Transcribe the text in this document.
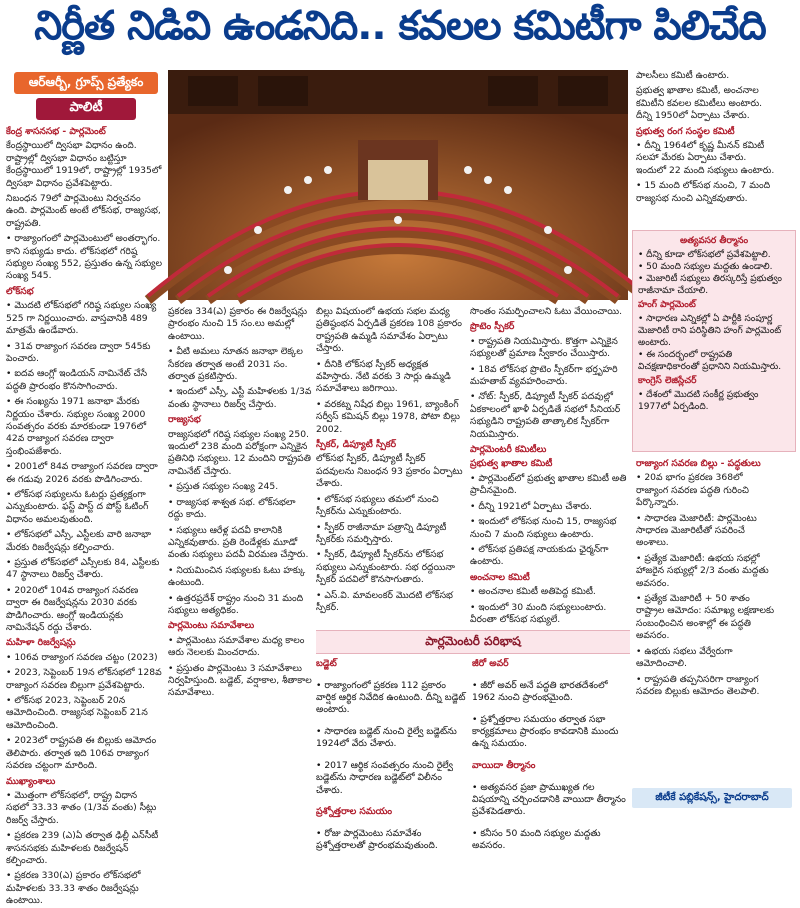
నిర్ణీత నిడివి ఉండనిది.. కవలల కమిటీగా పిలిచేది
ఆర్ఆర్బీ, గ్రూప్స్ ప్రత్యేకం
పాలిటీ
కేంద్ర శాసనసభ - పార్లమెంట్

కేంద్రస్థాయిలో ద్విసభా విధానం ఉంది. రాష్ట్రాల్లో ద్విసభా విధానం బట్టిస్తూ కేంద్రస్థాయిలో 1919లో, రాష్ట్రాల్లో 1935లో ద్విసభా విధానం ప్రవేశపెట్టారు.

నిబంధన 79లో పార్లమెంటు నిర్వచనం ఉంది. పార్లమెంట్ అంటే లోక్‌సభ, రాజ్యసభ, రాష్ట్రపతి.

• రాజ్యాంగంలో పార్లమెంటులో అంతర్భాగం. కాని సభ్యుడు కాదు. లోక్‌సభలో గరిష్ఠ సభ్యుల సంఖ్య 552, ప్రస్తుతం ఉన్న సభ్యుల సంఖ్య 545.

లోక్‌సభ

• మొదటి లోక్‌సభలో గరిష్ఠ సభ్యుల సంఖ్య 525 గా నిర్ణయించారు. వాస్తవానికి 489 మాత్రమే ఉండేవారు.

• 31వ రాజ్యాంగ సవరణ ద్వారా 545కు పెంచారు.

• ఐదవ ఆంగ్లో ఇండియన్ నామినేట్ చేసే పద్ధతి ప్రారంభం కొనసాగించారు.

• ఈ సంఖ్యను 1971 జనాభా మేరకు నిర్ణయం చేశారు. సభ్యుల సంఖ్య 2000 సంవత్సరం వరకు మారకుండా 1976లో 42వ రాజ్యాంగ సవరణ ద్వారా స్తంభింపజేశారు.

• 2001లో 84వ రాజ్యాంగ సవరణ ద్వారా ఈ గడువు 2026 వరకు పొడిగించారు.

• లోక్‌సభ సభ్యులను ఓటర్లు ప్రత్యక్షంగా ఎన్నుకుంటారు. ఫస్ట్ పాస్ట్ ద పోస్ట్ ఓటింగ్ విధానం అమలవుతుంది.

• లోక్‌సభలో ఎస్సీ, ఎస్టీలకు వారి జనాభా మేరకు రిజర్వేషన్లు కల్పించారు.

• ప్రస్తుత లోక్‌సభలో ఎస్సీలకు 84, ఎస్టీలకు 47 స్థానాలు రిజర్వ్ చేశారు.

• 2020లో 104వ రాజ్యాంగ సవరణ ద్వారా ఈ రిజర్వేషన్లను 2030 వరకు పొడిగించారు. ఆంగ్లో ఇండియన్లకు నామినేషన్ రద్దు చేశారు.

మహిళా రిజర్వేషన్లు

• 106వ రాజ్యాంగ సవరణ చట్టం (2023)

• 2023, సెప్టెంబర్ 19న లోక్‌సభలో 128వ రాజ్యాంగ సవరణ బిల్లుగా ప్రవేశపెట్టారు.

• లోక్‌సభ 2023, సెప్టెంబర్ 20న ఆమోదించింది. రాజ్యసభ సెప్టెంబర్ 21న ఆమోదించింది.

• 2023లో రాష్ట్రపతి ఈ బిల్లుకు ఆమోదం తెలిపారు. తర్వాత ఇది 106వ రాజ్యాంగ సవరణ చట్టంగా మారింది.

ముఖ్యాంశాలు

• మొత్తంగా లోక్‌సభలో, రాష్ట్ర విధాన సభలో 33.33 శాతం (1/3వ వంతు) సీట్లు రిజర్వ్ చేస్తారు.

• ప్రకరణ 239 (ఎ)ఏ తర్వాత ఢిల్లీ ఎన్‌సీటీ శాసనసభకు మహిళలకు రిజర్వేషన్ కల్పించారు.

• ప్రకరణ 330(ఎ) ప్రకారం లోక్‌సభలో మహిళలకు 33.33 శాతం రిజర్వేషన్లు ఉంటాయి.

ప్రకరణ 334(ఎ) ప్రకారం ఈ రిజర్వేషన్లు ప్రారంభం నుంచి 15 సం.లు అమల్లో ఉంటాయి.

• వీటి అమలు నూతన జనాభా లెక్కల సేకరణ తర్వాత అంటే 2031 సం. తర్వాత ప్రకటిస్తారు.

• ఇందులో ఎస్సీ, ఎస్టీ మహిళలకు 1/3వ వంతు స్థానాలు రిజర్వ్ చేస్తారు.

రాజ్యసభ

రాజ్యసభలో గరిష్ఠ సభ్యుల సంఖ్య 250. ఇందులో 238 మంది పరోక్షంగా ఎన్నికైన ప్రతినిధి సభ్యులు. 12 మందిని రాష్ట్రపతి నామినేట్ చేస్తారు.

• ప్రస్తుత సభ్యుల సంఖ్య 245.

• రాజ్యసభ శాశ్వత సభ. లోక్‌సభలా రద్దు కాదు.

• సభ్యులు ఆరేళ్ల పదవీ కాలానికి ఎన్నికవుతారు. ప్రతి రెండేళ్లకు మూడో వంతు సభ్యులు పదవీ విరమణ చేస్తారు.

• నియమించిన సభ్యులకు ఓటు హక్కు ఉంటుంది.

• ఉత్తరప్రదేశ్ రాష్ట్రం నుంచి 31 మంది సభ్యులు అత్యధికం.

పార్లమెంటు సమావేశాలు

• పార్లమెంటు సమావేశాల మధ్య కాలం ఆరు నెలలకు మించరాదు.

• ప్రస్తుతం పార్లమెంటు 3 సమావేశాలు నిర్వహిస్తుంది. బడ్జెట్, వర్షాకాల, శీతాకాల సమావేశాలు.

బిల్లు విషయంలో ఉభయ సభల మధ్య ప్రతిష్ఠంభన ఏర్పడితే ప్రకరణ 108 ప్రకారం రాష్ట్రపతి ఉమ్మడి సమావేశం ఏర్పాటు చేస్తారు.

• దీనికి లోక్‌సభ స్పీకర్ అధ్యక్షత వహిస్తారు. నేటి వరకు 3 సార్లు ఉమ్మడి సమావేశాలు జరిగాయి.

• వరకట్న నిషేధ బిల్లు 1961, బ్యాంకింగ్ సర్వీస్ కమిషన్ బిల్లు 1978, పోటా బిల్లు 2002.

స్పీకర్, డిప్యూటీ స్పీకర్

లోక్‌సభ స్పీకర్, డిప్యూటీ స్పీకర్ పదవులను నిబంధన 93 ప్రకారం ఏర్పాటు చేశారు.

• లోక్‌సభ సభ్యులు తమలో నుంచి స్పీకర్‌ను ఎన్నుకుంటారు.

• స్పీకర్ రాజీనామా పత్రాన్ని డిప్యూటీ స్పీకర్‌కు సమర్పిస్తారు.

• స్పీకర్, డిప్యూటీ స్పీకర్‌ను లోక్‌సభ సభ్యులు ఎన్నుకుంటారు. సభ రద్దయినా స్పీకర్ పదవిలో కొనసాగుతారు.

• ఎస్.వి. మావలంకర్ మొదటి లోక్‌సభ స్పీకర్.

సొంతం సమర్పించాలని ఓటు వేయించాయి.

ప్రొటెం స్పీకర్

• రాష్ట్రపతి నియమిస్తారు. కొత్తగా ఎన్నికైన సభ్యులతో ప్రమాణ స్వీకారం చేయిస్తారు.

• 18వ లోక్‌సభ ప్రొటెం స్పీకర్‌గా భర్తృహరి మహతాబ్ వ్యవహరించారు.

• నోట్: స్పీకర్, డిప్యూటీ స్పీకర్ పదవుల్లో ఏకకాలంలో ఖాళీ ఏర్పడితే సభలో సీనియర్ సభ్యుడిని రాష్ట్రపతి తాత్కాలిక స్పీకర్‌గా నియమిస్తారు.

పార్లమెంటరీ కమిటీలు
ప్రభుత్వ ఖాతాల కమిటీ

• పార్లమెంట్‌లో ప్రభుత్వ ఖాతాల కమిటీ అతి ప్రాచీనమైంది.

• దీన్ని 1921లో ఏర్పాటు చేశారు.

• ఇందులో లోక్‌సభ నుంచి 15, రాజ్యసభ నుంచి 7 మంది సభ్యులు ఉంటారు.

• లోక్‌సభ ప్రతిపక్ష నాయకుడు ఛైర్మన్‌గా ఉంటారు.

అంచనాల కమిటీ

• అంచనాల కమిటీ అతిపెద్ద కమిటీ.

• ఇందులో 30 మంది సభ్యులుంటారు. వీరంతా లోక్‌సభ సభ్యులే.

పాలసీలు కమిటీ ఉంటారు.

ప్రభుత్వ ఖాతాల కమిటీ, అంచనాల కమిటీని కవలల కమిటీలు అంటారు. దీన్ని 1950లో ఏర్పాటు చేశారు.

ప్రభుత్వ రంగ సంస్థల కమిటీ

• దీన్ని 1964లో కృష్ణ మీనన్ కమిటీ సలహా మేరకు ఏర్పాటు చేశారు. ఇందులో 22 మంది సభ్యులు ఉంటారు.

• 15 మంది లోక్‌సభ నుంచి, 7 మంది రాజ్యసభ నుంచి ఎన్నికవుతారు.

అత్యవసర తీర్మానం
• దీన్ని కూడా లోక్‌సభలో ప్రవేశపెట్టాలి.
• 50 మంది సభ్యుల మద్దతు ఉండాలి.
• మెజారిటీ సభ్యులు తిరస్కరిస్తే ప్రభుత్వం రాజీనామా చేయాలి.
హంగ్ పార్లమెంట్
• సాధారణ ఎన్నికల్లో ఏ పార్టీకి సంపూర్ణ మెజారిటీ రాని పరిస్థితిని హంగ్ పార్లమెంట్ అంటారు.
• ఈ సందర్భంలో రాష్ట్రపతి విచక్షణాధికారంతో ప్రధానిని నియమిస్తారు.
కాంగ్రెస్ లెజిస్లేచర్
• దేశంలో మొదటి సంకీర్ణ ప్రభుత్వం 1977లో ఏర్పడింది.
రాజ్యాంగ సవరణ బిల్లు - పద్ధతులు

• 20వ భాగం ప్రకరణ 368లో రాజ్యాంగ సవరణ పద్ధతి గురించి పేర్కొన్నారు.

• సాధారణ మెజారిటీ: పార్లమెంటు సాధారణ మెజారిటీతో సవరించే అంశాలు.

• ప్రత్యేక మెజారిటీ: ఉభయ సభల్లో హాజరైన సభ్యుల్లో 2/3 వంతు మద్దతు అవసరం.

• ప్రత్యేక మెజారిటీ + 50 శాతం రాష్ట్రాల ఆమోదం: సమాఖ్య లక్షణాలకు సంబంధించిన అంశాల్లో ఈ పద్ధతి అవసరం.

• ఉభయ సభలు వేర్వేరుగా ఆమోదించాలి.

• రాష్ట్రపతి తప్పనిసరిగా రాజ్యాంగ సవరణ బిల్లుకు ఆమోదం తెలపాలి.

పార్లమెంటరీ పరిభాష
బడ్జెట్

• రాజ్యాంగంలో ప్రకరణ 112 ప్రకారం వార్షిక ఆర్థిక నివేదిక ఉంటుంది. దీన్ని బడ్జెట్ అంటారు.

• సాధారణ బడ్జెట్ నుంచి రైల్వే బడ్జెట్‌ను 1924లో వేరు చేశారు.

• 2017 ఆర్థిక సంవత్సరం నుంచి రైల్వే బడ్జెట్‌ను సాధారణ బడ్జెట్‌లో విలీనం చేశారు.

ప్రశ్నోత్తరాల సమయం

• రోజు పార్లమెంటు సమావేశం ప్రశ్నోత్తరాలతో ప్రారంభమవుతుంది.

జీరో అవర్

• జీరో అవర్ అనే పద్ధతి భారతదేశంలో 1962 నుంచి ప్రారంభమైంది.

• ప్రశ్నోత్తరాల సమయం తర్వాత సభా కార్యక్రమాలు ప్రారంభం కావడానికి ముందు ఉన్న సమయం.

వాయిదా తీర్మానం

• అత్యవసర ప్రజా ప్రాముఖ్యత గల విషయాన్ని చర్చించడానికి వాయిదా తీర్మానం ప్రవేశపెడతారు.

• కనీసం 50 మంది సభ్యుల మద్దతు అవసరం.

జీటీకే పబ్లికేషన్స్, హైదరాబాద్
